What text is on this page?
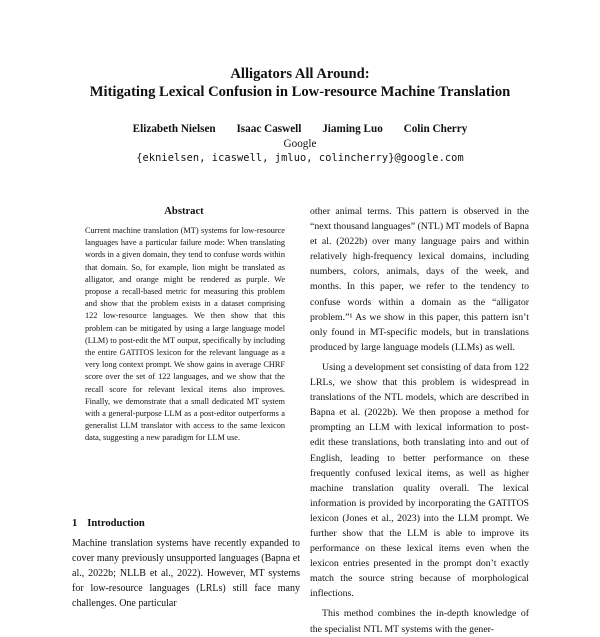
Alligators All Around:
Mitigating Lexical Confusion in Low-resource Machine Translation
Elizabeth Nielsen Isaac Caswell Jiaming Luo Colin Cherry
Google
{eknielsen, icaswell, jmluo, colincherry}@google.com
Abstract
Current machine translation (MT) systems for low-resource languages have a particular failure mode: When translating words in a given domain, they tend to confuse words within that domain. So, for example, lion might be translated as alligator, and orange might be rendered as purple. We propose a recall-based metric for measuring this problem and show that the problem exists in a dataset comprising 122 low-resource languages. We then show that this problem can be mitigated by using a large language model (LLM) to post-edit the MT output, specifically by including the entire GATITOS lexicon for the relevant language as a very long context prompt. We show gains in average CHRF score over the set of 122 languages, and we show that the recall score for relevant lexical items also improves. Finally, we demonstrate that a small dedicated MT system with a general-purpose LLM as a post-editor outperforms a generalist LLM translator with access to the same lexicon data, suggesting a new paradigm for LLM use.
1 Introduction
Machine translation systems have recently expanded to cover many previously unsupported languages (Bapna et al., 2022b; NLLB et al., 2022). However, MT systems for low-resource languages (LRLs) still face many challenges. One particular

other animal terms. This pattern is observed in the “next thousand languages” (NTL) MT models of Bapna et al. (2022b) over many language pairs and within relatively high-frequency lexical domains, including numbers, colors, animals, days of the week, and months. In this paper, we refer to the tendency to confuse words within a domain as the “alligator problem.”¹ As we show in this paper, this pattern isn’t only found in MT-specific models, but in translations produced by large language models (LLMs) as well.

Using a development set consisting of data from 122 LRLs, we show that this problem is widespread in translations of the NTL models, which are described in Bapna et al. (2022b). We then propose a method for prompting an LLM with lexical information to post-edit these translations, both translating into and out of English, leading to better performance on these frequently confused lexical items, as well as higher machine translation quality overall. The lexical information is provided by incorporating the GATITOS lexicon (Jones et al., 2023) into the LLM prompt. We further show that the LLM is able to improve its performance on these lexical items even when the lexicon entries presented in the prompt don’t exactly match the source string because of morphological inflections.

This method combines the in-depth knowledge of the specialist NTL MT systems with the gener-
